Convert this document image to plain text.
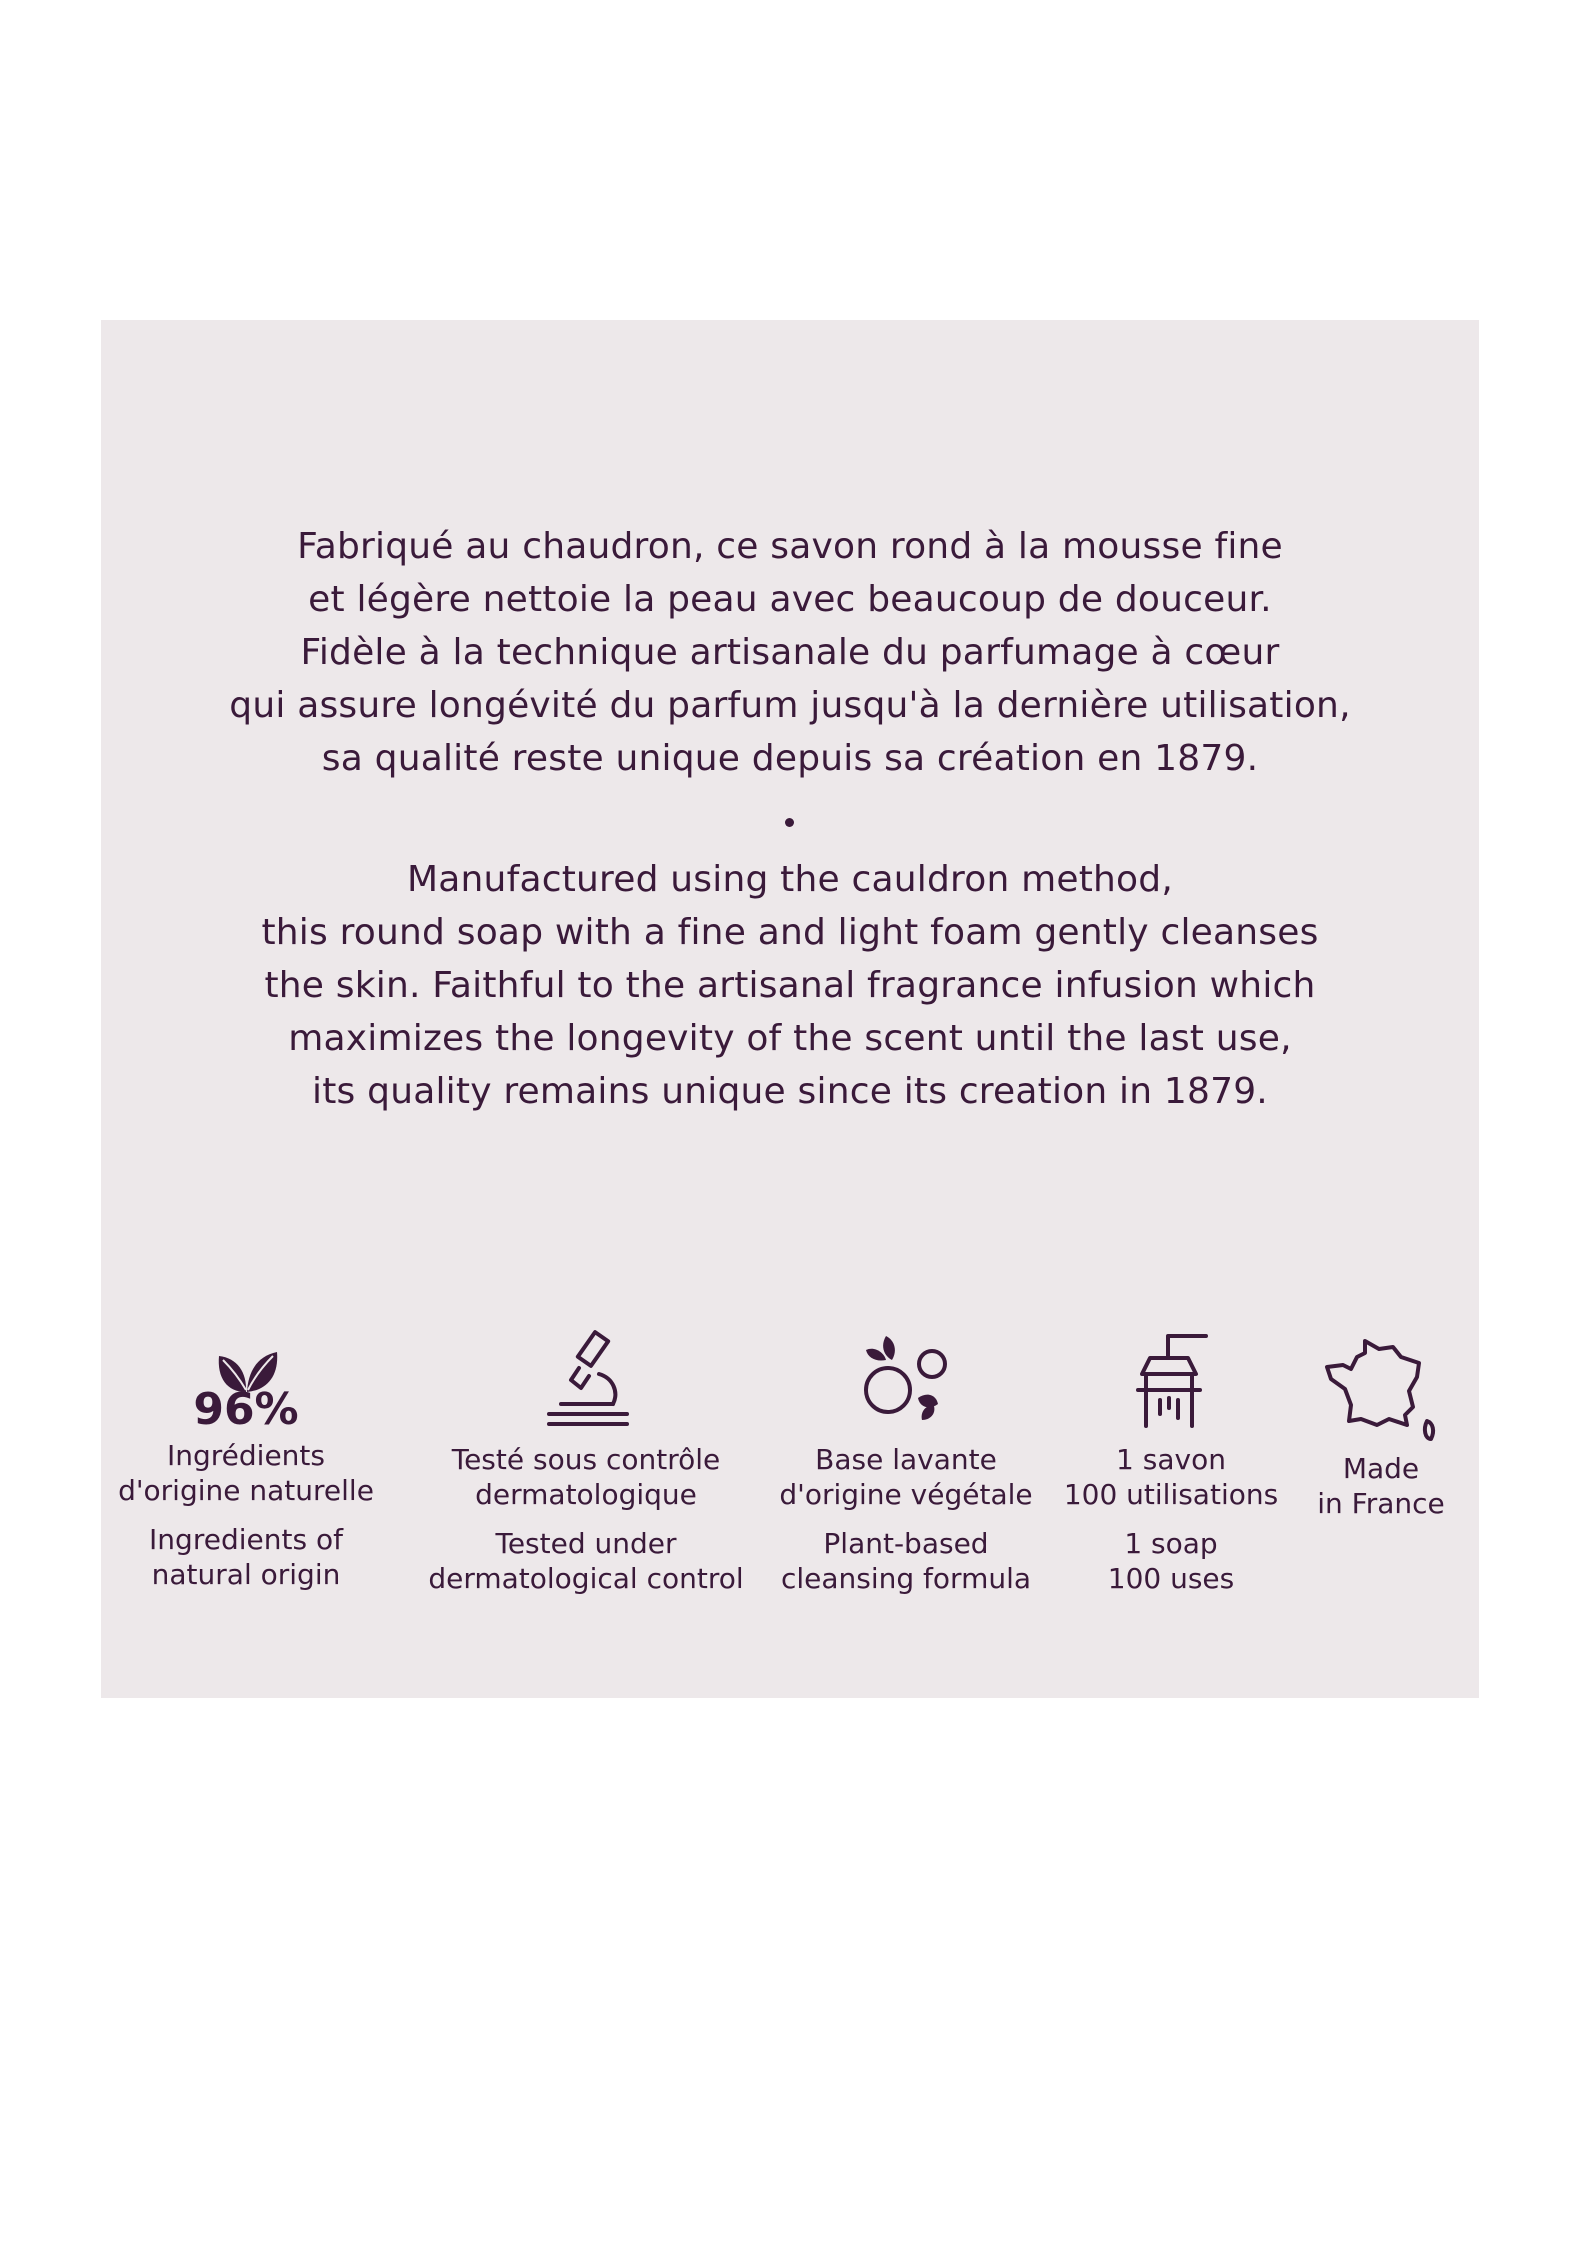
Fabriqué au chaudron, ce savon rond à la mousse fine
et légère nettoie la peau avec beaucoup de douceur.
Fidèle à la technique artisanale du parfumage à cœur
qui assure longévité du parfum jusqu'à la dernière utilisation,
sa qualité reste unique depuis sa création en 1879.
Manufactured using the cauldron method,
this round soap with a fine and light foam gently cleanses
the skin. Faithful to the artisanal fragrance infusion which
maximizes the longevity of the scent until the last use,
its quality remains unique since its creation in 1879.
96%
Ingrédients
d'origine naturelle
Ingredients of
natural origin
Testé sous contrôle
dermatologique
Tested under
dermatological control
Base lavante
d'origine végétale
Plant-based
cleansing formula
1 savon
100 utilisations
1 soap
100 uses
Made
in France
